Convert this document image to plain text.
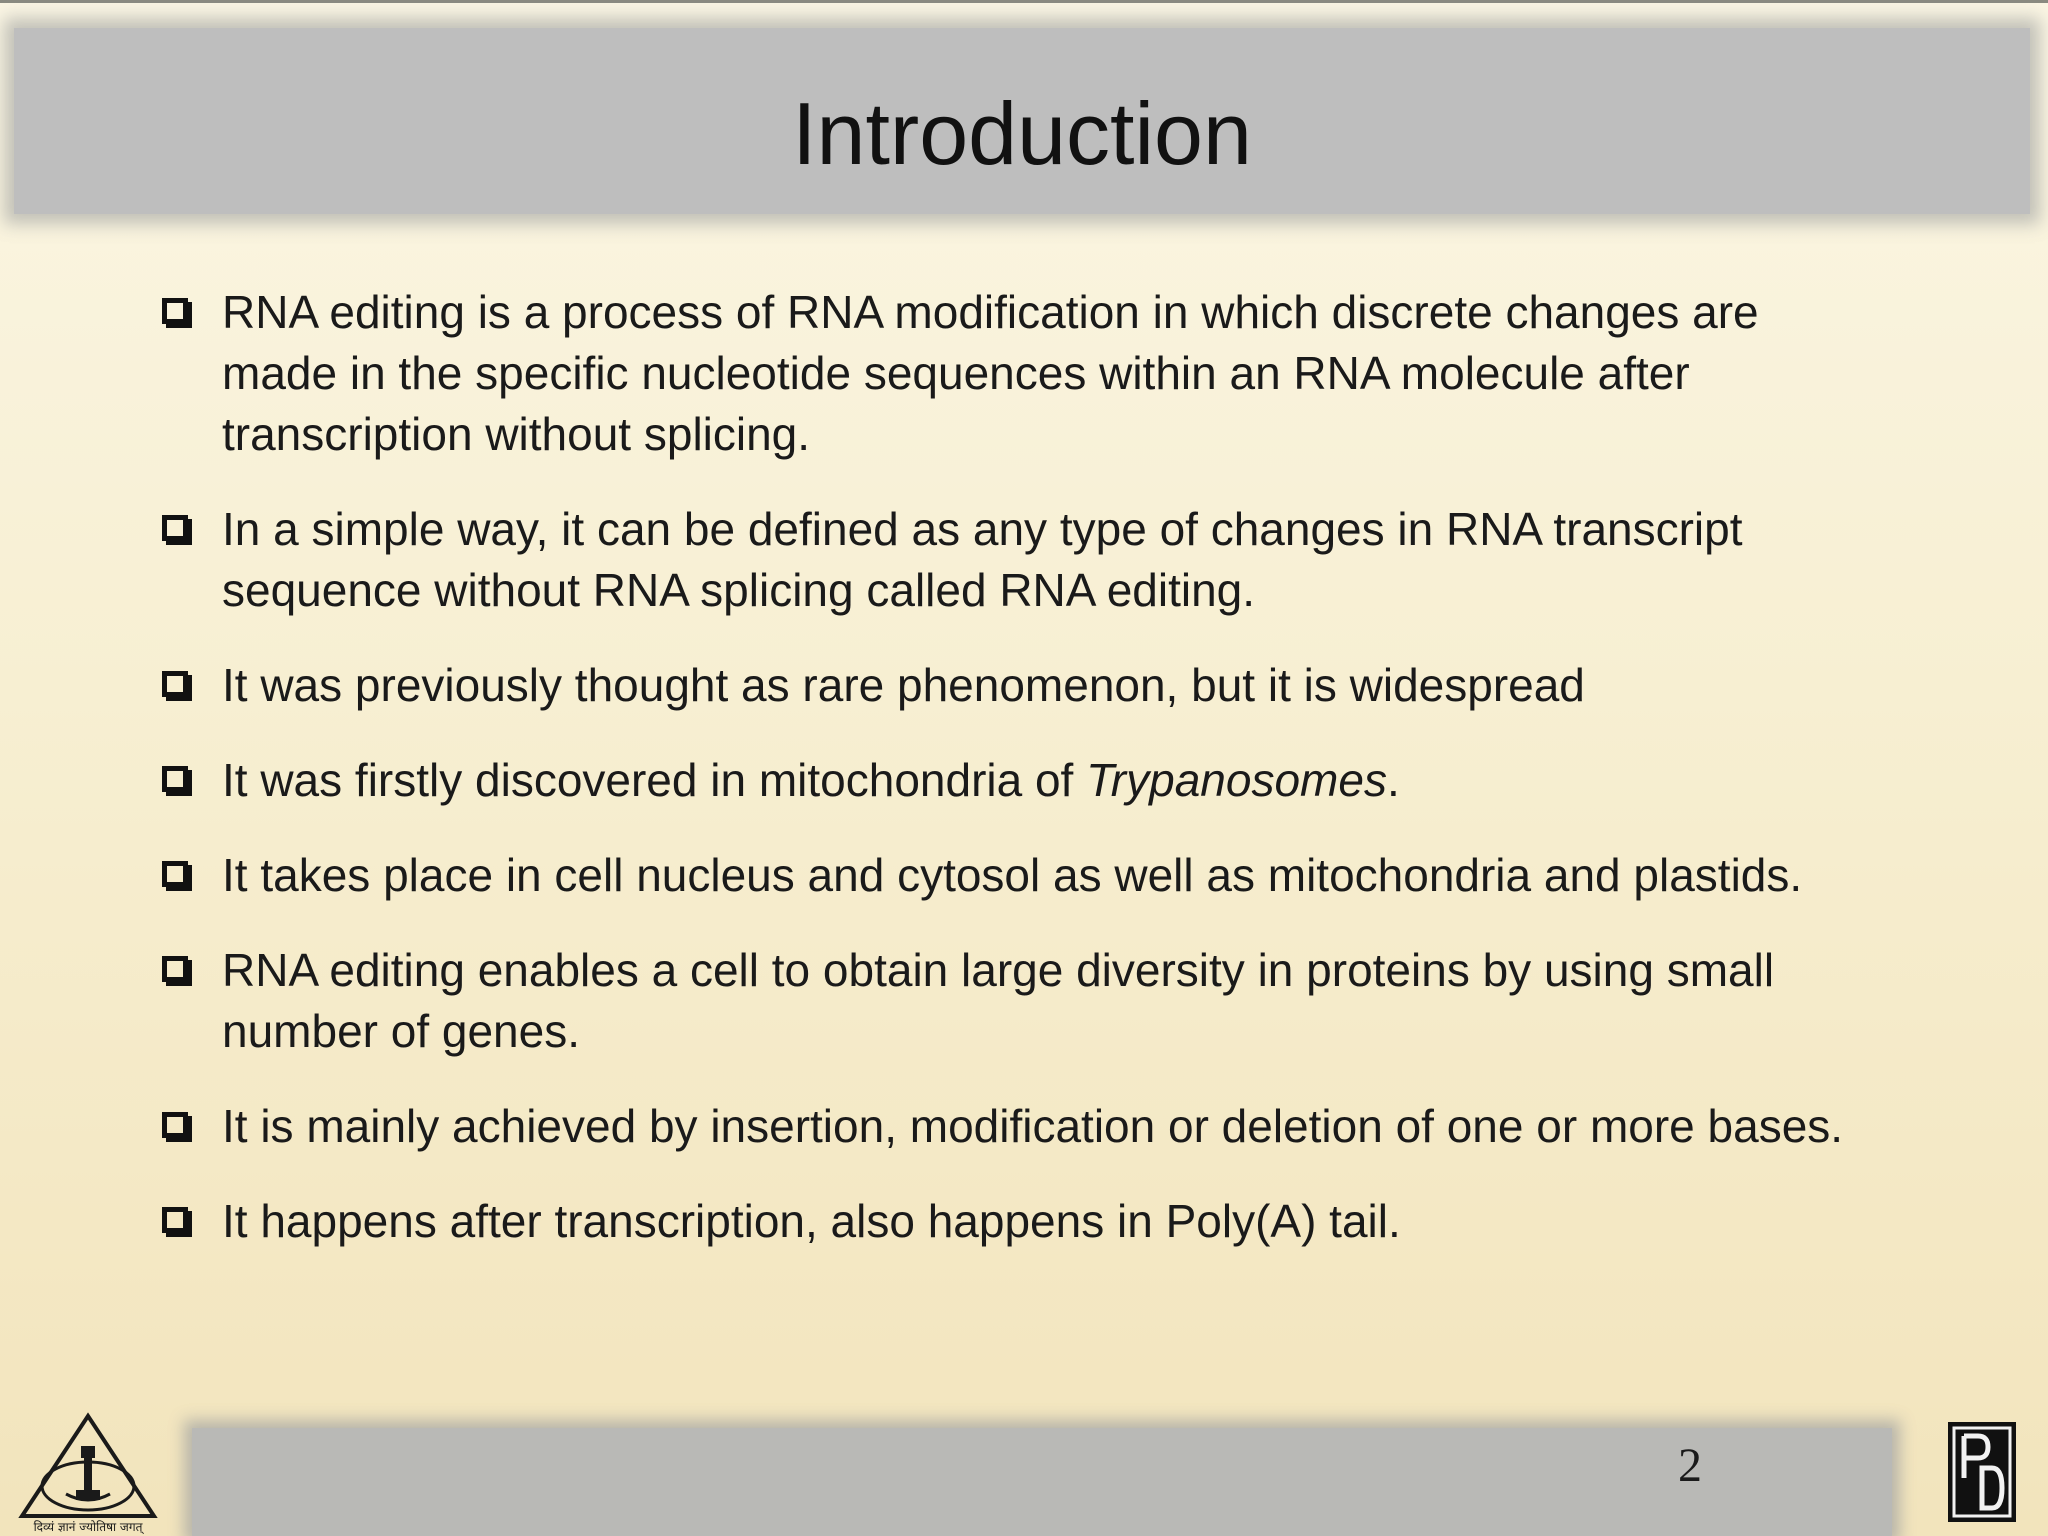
Introduction
RNA editing is a process of RNA modification in which discrete changes are made in the specific nucleotide sequences within an RNA molecule after transcription without splicing.
In a simple way, it can be defined as any type of changes in RNA transcript sequence without RNA splicing called RNA editing.
It was previously thought as rare phenomenon, but it is widespread
It was firstly discovered in mitochondria of Trypanosomes.
It takes place in cell nucleus and cytosol as well as mitochondria and plastids.
RNA editing enables a cell to obtain large diversity in proteins by using small number of genes.
It is mainly achieved by insertion, modification or deletion of one or more bases.
It happens after transcription, also happens in Poly(A) tail.
2
दिव्यं ज्ञानं ज्योतिषा जगत्
